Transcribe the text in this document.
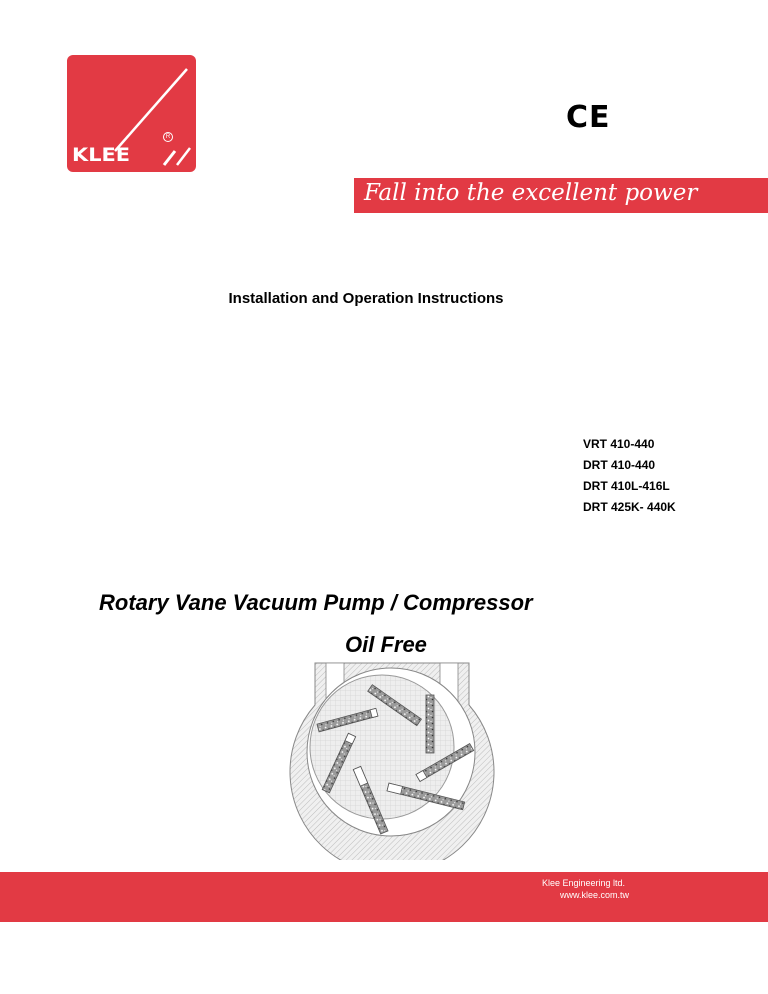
KLEE
R
CE
Fall into the excellent power
Installation and Operation Instructions
VRT 410-440
DRT 410-440
DRT 410L-416L
DRT 425K- 440K
Rotary Vane Vacuum Pump / Compressor
Oil Free
Klee Engineering ltd.
www.klee.com.tw
